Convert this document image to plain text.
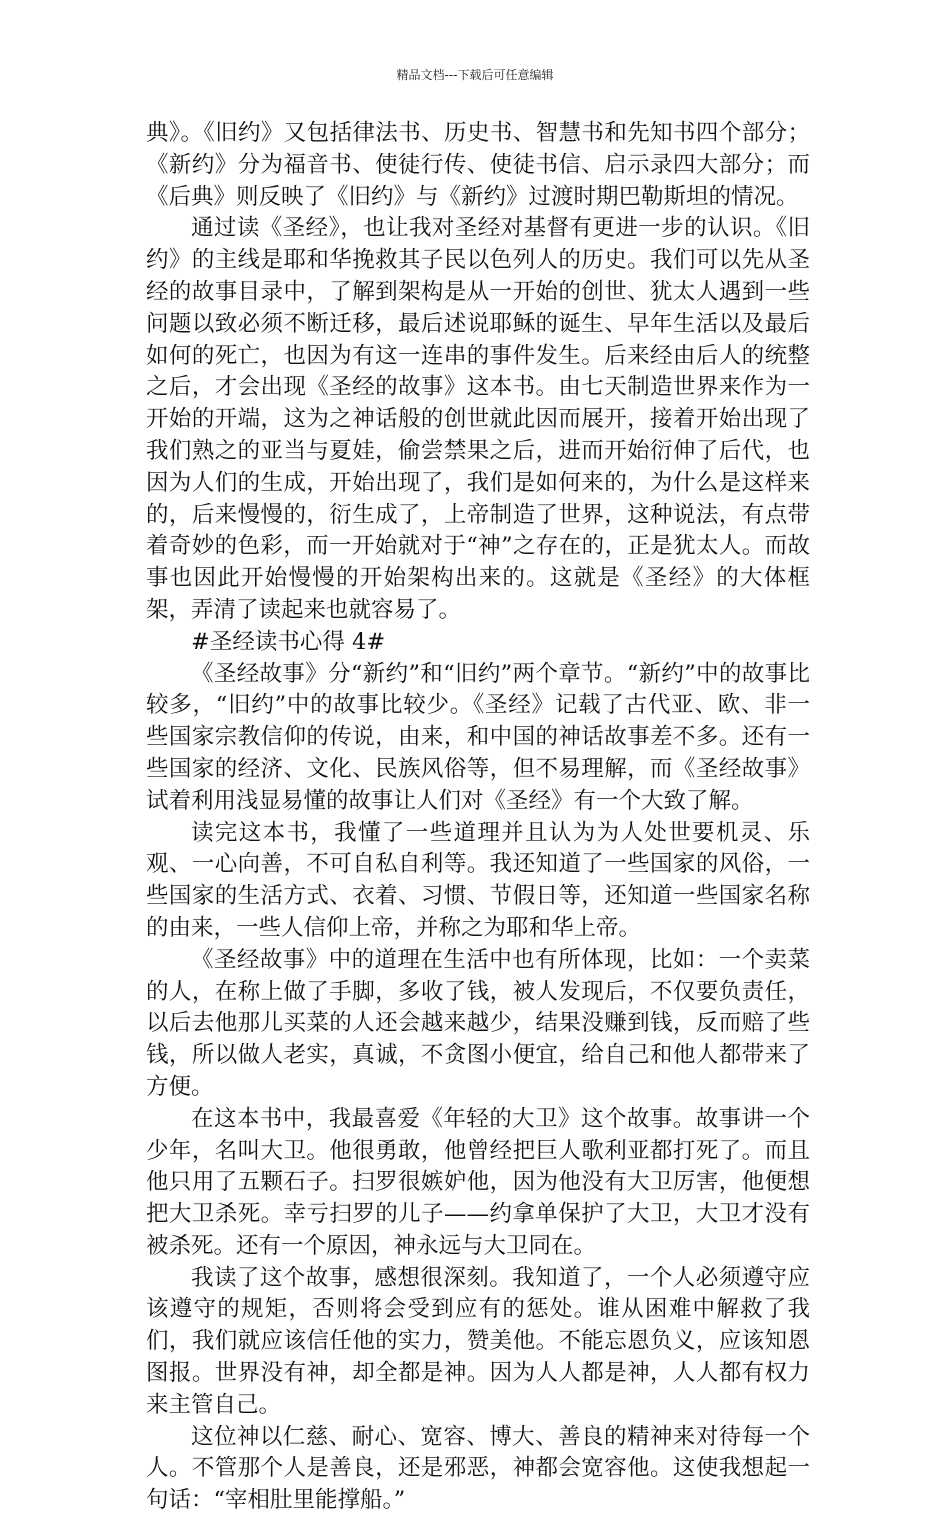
精品文档---下载后可任意编辑

典》。《旧约》又包括律法书、历史书、智慧书和先知书四个部分；《新约》分为福音书、使徒行传、使徒书信、启示录四大部分；而《后典》则反映了《旧约》与《新约》过渡时期巴勒斯坦的情况。

通过读《圣经》，也让我对圣经对基督有更进一步的认识。《旧约》的主线是耶和华挽救其子民以色列人的历史。我们可以先从圣经的故事目录中，了解到架构是从一开始的创世、犹太人遇到一些问题以致必须不断迁移，最后述说耶稣的诞生、早年生活以及最后如何的死亡，也因为有这一连串的事件发生。后来经由后人的统整之后，才会出现《圣经的故事》这本书。由七天制造世界来作为一开始的开端，这为之神话般的创世就此因而展开，接着开始出现了我们熟之的亚当与夏娃，偷尝禁果之后，进而开始衍伸了后代，也因为人们的生成，开始出现了，我们是如何来的，为什么是这样来的，后来慢慢的，衍生成了，上帝制造了世界，这种说法，有点带着奇妙的色彩，而一开始就对于“神”之存在的，正是犹太人。而故事也因此开始慢慢的开始架构出来的。这就是《圣经》的大体框架，弄清了读起来也就容易了。

#圣经读书心得 4#

《圣经故事》分“新约”和“旧约”两个章节。“新约”中的故事比较多，“旧约”中的故事比较少。《圣经》记载了古代亚、欧、非一些国家宗教信仰的传说，由来，和中国的神话故事差不多。还有一些国家的经济、文化、民族风俗等，但不易理解，而《圣经故事》试着利用浅显易懂的故事让人们对《圣经》有一个大致了解。

读完这本书，我懂了一些道理并且认为为人处世要机灵、乐观、一心向善，不可自私自利等。我还知道了一些国家的风俗，一些国家的生活方式、衣着、习惯、节假日等，还知道一些国家名称的由来，一些人信仰上帝，并称之为耶和华上帝。

《圣经故事》中的道理在生活中也有所体现，比如：一个卖菜的人，在称上做了手脚，多收了钱，被人发现后，不仅要负责任，以后去他那儿买菜的人还会越来越少，结果没赚到钱，反而赔了些钱，所以做人老实，真诚，不贪图小便宜，给自己和他人都带来了方便。

在这本书中，我最喜爱《年轻的大卫》这个故事。故事讲一个少年，名叫大卫。他很勇敢，他曾经把巨人歌利亚都打死了。而且他只用了五颗石子。扫罗很嫉妒他，因为他没有大卫厉害，他便想把大卫杀死。幸亏扫罗的儿子——约拿单保护了大卫，大卫才没有被杀死。还有一个原因，神永远与大卫同在。

我读了这个故事，感想很深刻。我知道了，一个人必须遵守应该遵守的规矩，否则将会受到应有的惩处。谁从困难中解救了我们，我们就应该信任他的实力，赞美他。不能忘恩负义，应该知恩图报。世界没有神，却全都是神。因为人人都是神，人人都有权力来主管自己。

这位神以仁慈、耐心、宽容、博大、善良的精神来对待每一个人。不管那个人是善良，还是邪恶，神都会宽容他。这使我想起一句话：“宰相肚里能撑船。”
